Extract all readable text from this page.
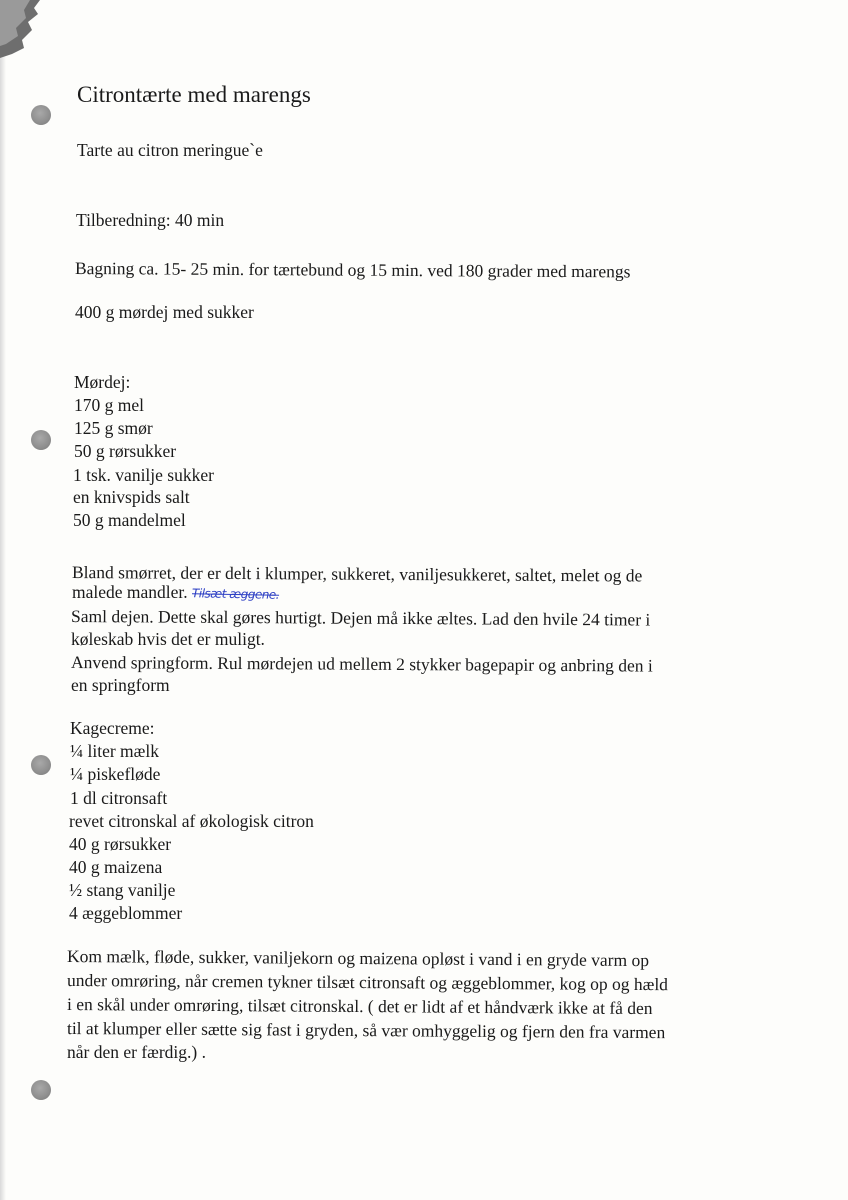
Citrontærte med marengs
Tarte au citron meringue`e
Tilberedning: 40 min
Bagning ca. 15- 25 min. for tærtebund og 15 min. ved 180 grader med marengs
400 g mørdej med sukker
Mørdej:
170 g mel
125 g smør
50 g rørsukker
1 tsk. vanilje sukker
en knivspids salt
50 g mandelmel
Bland smørret, der er delt i klumper, sukkeret, vaniljesukkeret, saltet, melet og de
malede mandler. Tilsæt æggene.
Saml dejen. Dette skal gøres hurtigt. Dejen må ikke æltes. Lad den hvile 24 timer i
køleskab hvis det er muligt.
Anvend springform. Rul mørdejen ud mellem 2 stykker bagepapir og anbring den i
en springform
Kagecreme:
¼ liter mælk
¼ piskefløde
1 dl citronsaft
revet citronskal af økologisk citron
40 g rørsukker
40 g maizena
½ stang vanilje
4 æggeblommer
Kom mælk, fløde, sukker, vaniljekorn og maizena opløst i vand i en gryde varm op
under omrøring, når cremen tykner tilsæt citronsaft og æggeblommer, kog op og hæld
i en skål under omrøring, tilsæt citronskal. ( det er lidt af et håndværk ikke at få den
til at klumper eller sætte sig fast i gryden, så vær omhyggelig og fjern den fra varmen
når den er færdig.) .
